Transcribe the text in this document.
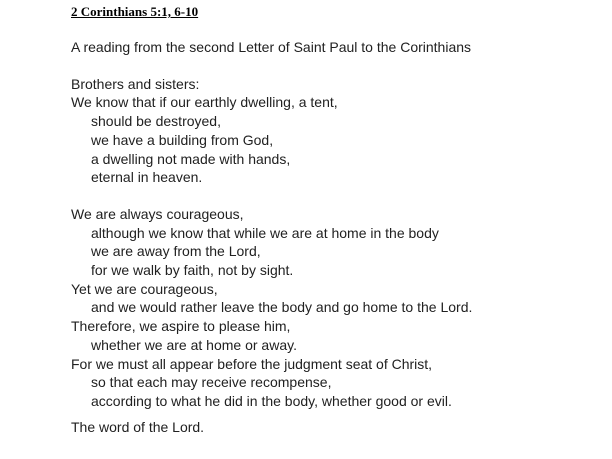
2 Corinthians 5:1, 6-10

A reading from the second Letter of Saint Paul to the Corinthians

Brothers and sisters:
We know that if our earthly dwelling, a tent,
should be destroyed,
we have a building from God,
a dwelling not made with hands,
eternal in heaven.
We are always courageous,
although we know that while we are at home in the body
we are away from the Lord,
for we walk by faith, not by sight.
Yet we are courageous,
and we would rather leave the body and go home to the Lord.
Therefore, we aspire to please him,
whether we are at home or away.
For we must all appear before the judgment seat of Christ,
so that each may receive recompense,
according to what he did in the body, whether good or evil.

The word of the Lord.
